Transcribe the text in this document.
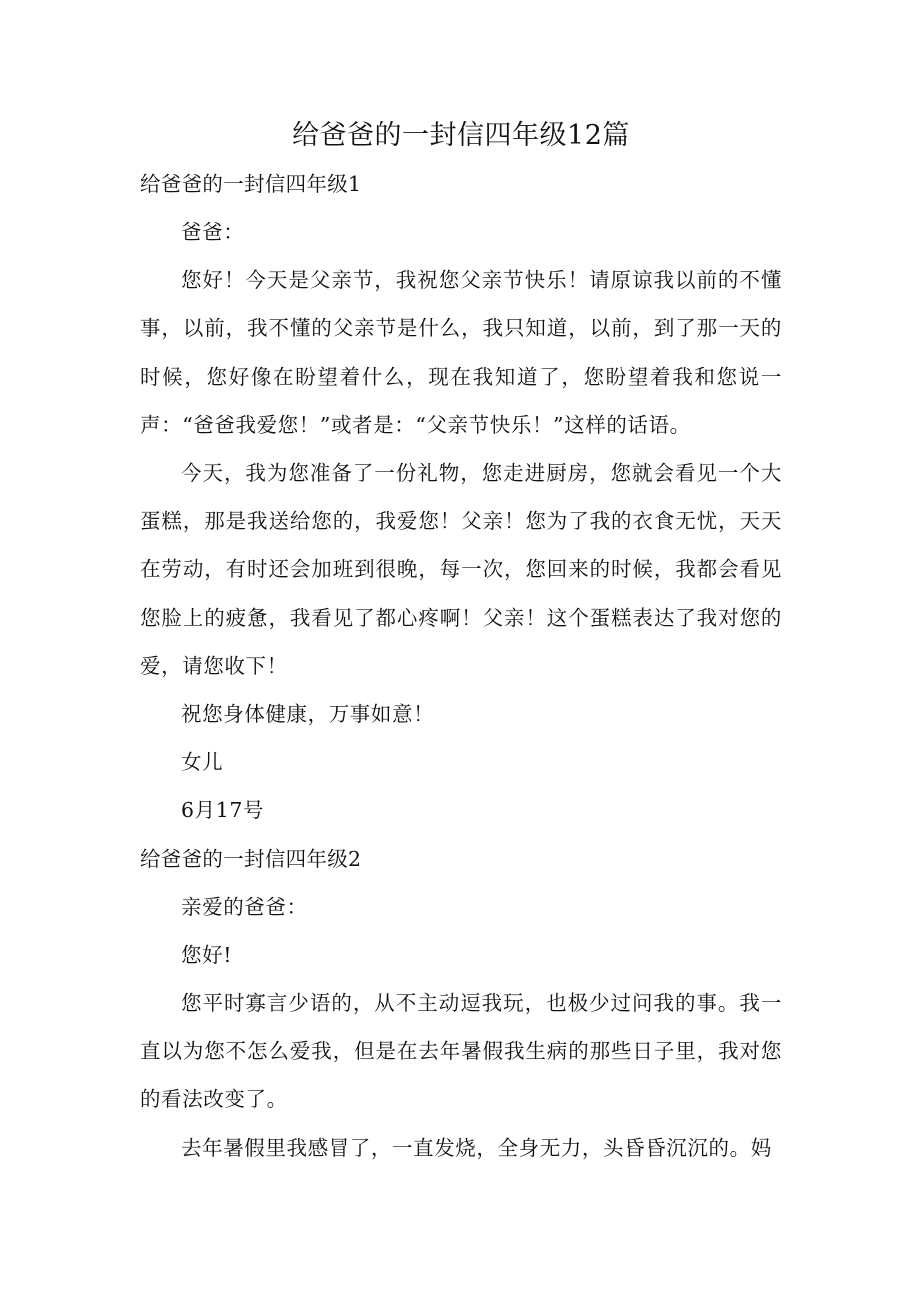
给爸爸的一封信四年级12篇

给爸爸的一封信四年级1

爸爸：

您好！今天是父亲节，我祝您父亲节快乐！请原谅我以前的不懂事，以前，我不懂的父亲节是什么，我只知道，以前，到了那一天的时候，您好像在盼望着什么，现在我知道了，您盼望着我和您说一声：“爸爸我爱您！”或者是：“父亲节快乐！”这样的话语。

今天，我为您准备了一份礼物，您走进厨房，您就会看见一个大蛋糕，那是我送给您的，我爱您！父亲！您为了我的衣食无忧，天天在劳动，有时还会加班到很晚，每一次，您回来的时候，我都会看见您脸上的疲惫，我看见了都心疼啊！父亲！这个蛋糕表达了我对您的爱，请您收下！

祝您身体健康，万事如意！

女儿

6月17号

给爸爸的一封信四年级2

亲爱的爸爸：

您好!

您平时寡言少语的，从不主动逗我玩，也极少过问我的事。我一直以为您不怎么爱我，但是在去年暑假我生病的那些日子里，我对您的看法改变了。

去年暑假里我感冒了，一直发烧，全身无力，头昏昏沉沉的。妈
